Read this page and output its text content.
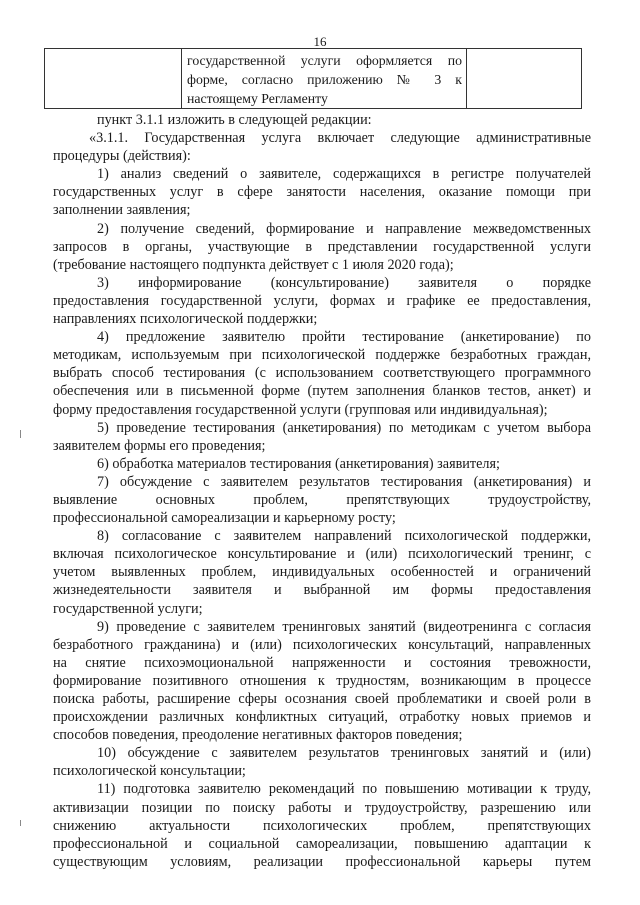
16

государственной услуги оформляется по
форме, согласно приложению № 3 к
настоящему Регламенту

пункт 3.1.1 изложить в следующей редакции:
«3.1.1. Государственная услуга включает следующие административные
процедуры (действия):
1) анализ сведений о заявителе, содержащихся в регистре получателей
государственных услуг в сфере занятости населения, оказание помощи при
заполнении заявления;
2) получение сведений, формирование и направление межведомственных
запросов в органы, участвующие в представлении государственной услуги
(требование настоящего подпункта действует с 1 июля 2020 года);
3) информирование (консультирование) заявителя о порядке
предоставления государственной услуги, формах и графике ее предоставления,
направлениях психологической поддержки;
4) предложение заявителю пройти тестирование (анкетирование) по
методикам, используемым при психологической поддержке безработных граждан,
выбрать способ тестирования (с использованием соответствующего программного
обеспечения или в письменной форме (путем заполнения бланков тестов, анкет) и
форму предоставления государственной услуги (групповая или индивидуальная);
5) проведение тестирования (анкетирования) по методикам с учетом выбора
заявителем формы его проведения;
6) обработка материалов тестирования (анкетирования) заявителя;
7) обсуждение с заявителем результатов тестирования (анкетирования) и
выявление основных проблем, препятствующих трудоустройству,
профессиональной самореализации и карьерному росту;
8) согласование с заявителем направлений психологической поддержки,
включая психологическое консультирование и (или) психологический тренинг, с
учетом выявленных проблем, индивидуальных особенностей и ограничений
жизнедеятельности заявителя и выбранной им формы предоставления
государственной услуги;
9) проведение с заявителем тренинговых занятий (видеотренинга с согласия
безработного гражданина) и (или) психологических консультаций, направленных
на снятие психоэмоциональной напряженности и состояния тревожности,
формирование позитивного отношения к трудностям, возникающим в процессе
поиска работы, расширение сферы осознания своей проблематики и своей роли в
происхождении различных конфликтных ситуаций, отработку новых приемов и
способов поведения, преодоление негативных факторов поведения;
10) обсуждение с заявителем результатов тренинговых занятий и (или)
психологической консультации;
11) подготовка заявителю рекомендаций по повышению мотивации к труду,
активизации позиции по поиску работы и трудоустройству, разрешению или
снижению актуальности психологических проблем, препятствующих
профессиональной и социальной самореализации, повышению адаптации к
существующим условиям, реализации профессиональной карьеры путем
